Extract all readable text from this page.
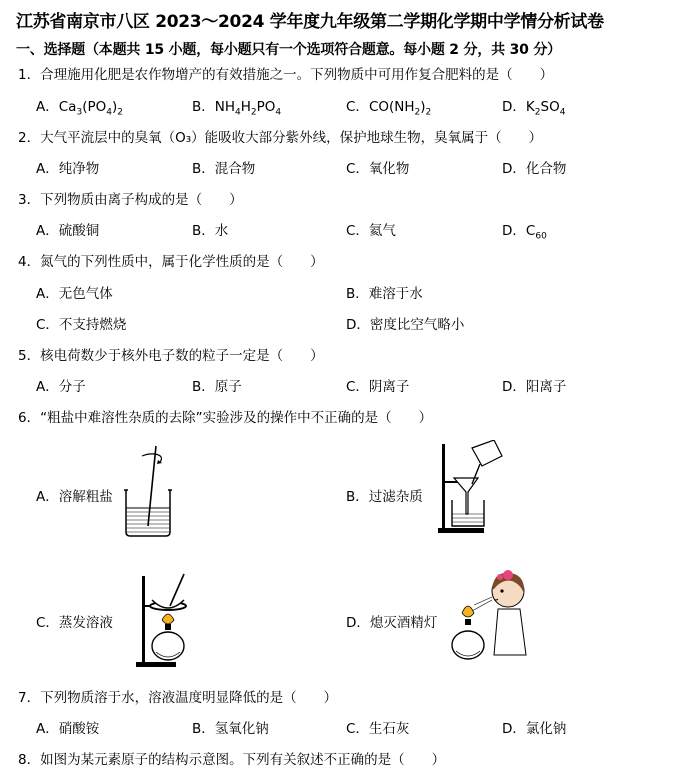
江苏省南京市八区 2023～2024 学年度九年级第二学期化学期中学情分析试卷
一、选择题（本题共 15 小题，每小题只有一个选项符合题意。每小题 2 分，共 30 分）
1．合理施用化肥是农作物增产的有效措施之一。下列物质中可用作复合肥料的是（　　）
A．$Ca_3(PO_4)_2$	B．$NH_4H_2PO_4$	C．$CO(NH_2)_2$	D．$K_2SO_4$
2．大气平流层中的臭氧（O₃）能吸收大部分紫外线，保护地球生物，臭氧属于（　　）
A．纯净物	B．混合物	C．氧化物	D．化合物
3．下列物质由离子构成的是（　　）
A．硫酸铜	B．水	C．氦气	D．$C_{60}$
4．氮气的下列性质中，属于化学性质的是（　　）
A．无色气体	B．难溶于水
C．不支持燃烧	D．密度比空气略小
5．核电荷数少于核外电子数的粒子一定是（　　）
A．分子	B．原子	C．阴离子	D．阳离子
6．“粗盐中难溶性杂质的去除”实验涉及的操作中不正确的是（　　）
A．溶解粗盐	B．过滤杂质
C．蒸发溶液	D．熄灭酒精灯
7．下列物质溶于水，溶液温度明显降低的是（　　）
A．硝酸铵	B．氢氧化钠	C．生石灰	D．氯化钠
8．如图为某元素原子的结构示意图。下列有关叙述不正确的是（　　）
